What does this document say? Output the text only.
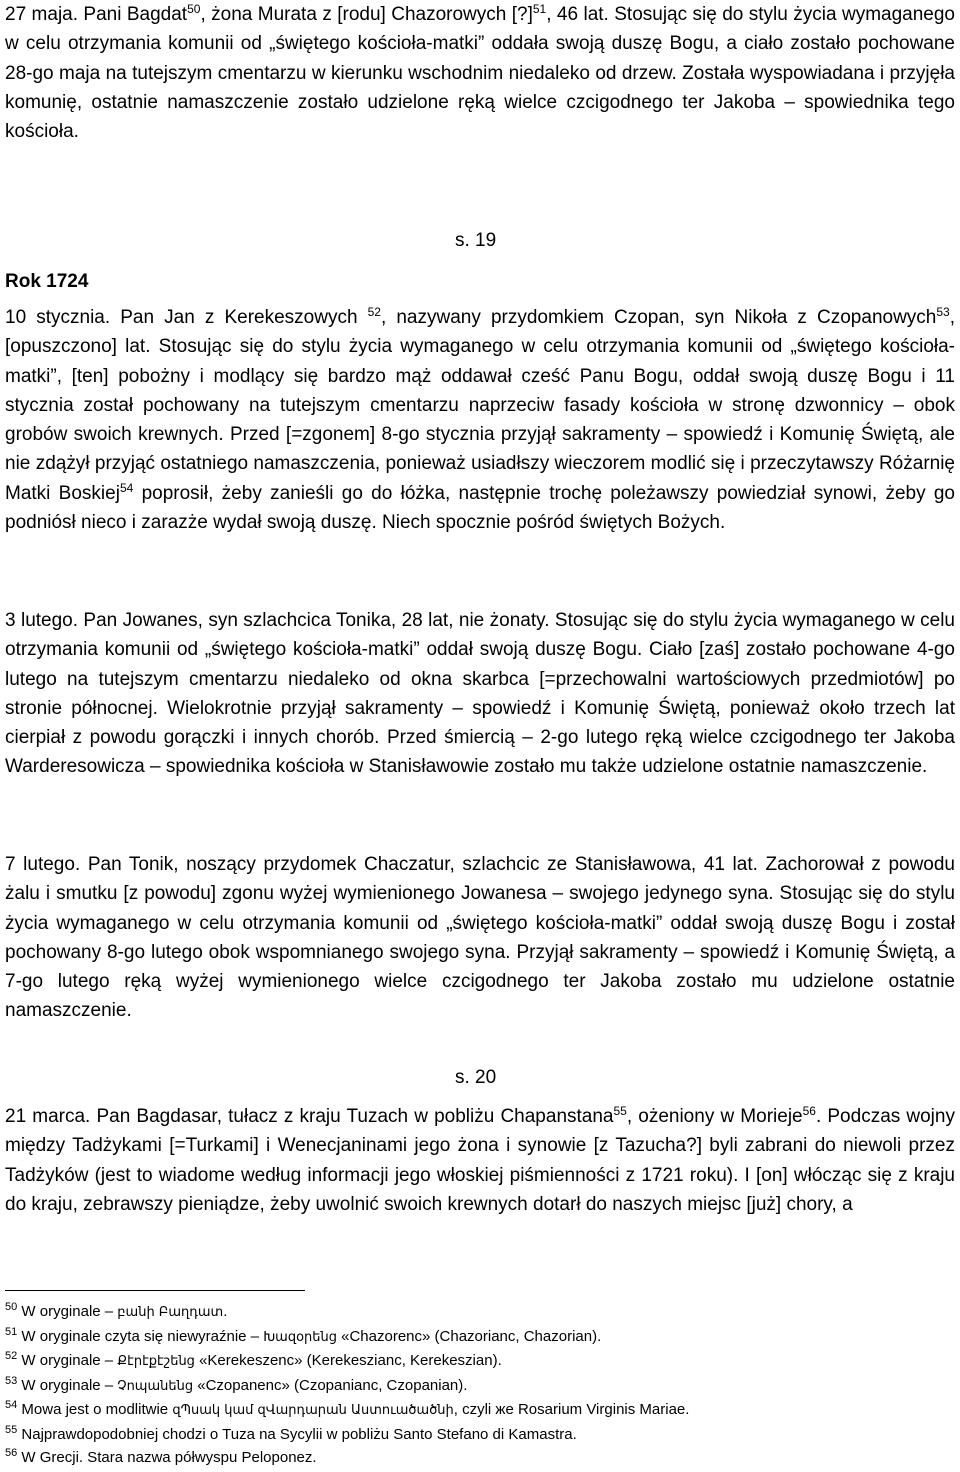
27 maja. Pani Bagdat$^{50}$, żona Murata z [rodu] Chazorowych [?]$^{51}$, 46 lat. Stosując się do stylu życia wymaganego w celu otrzymania komunii od „świętego kościoła-matki” oddała swoją duszę Bogu, a ciało zostało pochowane 28-go maja na tutejszym cmentarzu w kierunku wschodnim niedaleko od drzew. Została wyspowiadana i przyjęła komunię, ostatnie namaszczenie zostało udzielone ręką wielce czcigodnego ter Jakoba – spowiednika tego kościoła.

s. 19
Rok 1724

10 stycznia. Pan Jan z Kerekeszowych $^{52}$, nazywany przydomkiem Czopan, syn Nikoła z Czopanowych$^{53}$, [opuszczono] lat. Stosując się do stylu życia wymaganego w celu otrzymania komunii od „świętego kościoła-matki”, [ten] pobożny i modlący się bardzo mąż oddawał cześć Panu Bogu, oddał swoją duszę Bogu i 11 stycznia został pochowany na tutejszym cmentarzu naprzeciw fasady kościoła w stronę dzwonnicy – obok grobów swoich krewnych. Przed [=zgonem] 8-go stycznia przyjął sakramenty – spowiedź i Komunię Świętą, ale nie zdążył przyjąć ostatniego namaszczenia, ponieważ usiadłszy wieczorem modlić się i przeczytawszy Różarnię Matki Boskiej$^{54}$ poprosił, żeby zanieśli go do łóżka, następnie trochę poleżawszy powiedział synowi, żeby go podniósł nieco i zarazże wydał swoją duszę. Niech spocznie pośród świętych Bożych.

3 lutego. Pan Jowanes, syn szlachcica Tonika, 28 lat, nie żonaty. Stosując się do stylu życia wymaganego w celu otrzymania komunii od „świętego kościoła-matki” oddał swoją duszę Bogu. Ciało [zaś] zostało pochowane 4-go lutego na tutejszym cmentarzu niedaleko od okna skarbca [=przechowalni wartościowych przedmiotów] po stronie północnej. Wielokrotnie przyjął sakramenty – spowiedź i Komunię Świętą, ponieważ około trzech lat cierpiał z powodu gorączki i innych chorób. Przed śmiercią – 2-go lutego ręką wielce czcigodnego ter Jakoba Warderesowicza – spowiednika kościoła w Stanisławowie zostało mu także udzielone ostatnie namaszczenie.

7 lutego. Pan Tonik, noszący przydomek Chaczatur, szlachcic ze Stanisławowa, 41 lat. Zachorował z powodu żalu i smutku [z powodu] zgonu wyżej wymienionego Jowanesa – swojego jedynego syna. Stosując się do stylu życia wymaganego w celu otrzymania komunii od „świętego kościoła-matki” oddał swoją duszę Bogu i został pochowany 8-go lutego obok wspomnianego swojego syna. Przyjął sakramenty – spowiedź i Komunię Świętą, a 7-go lutego ręką wyżej wymienionego wielce czcigodnego ter Jakoba zostało mu udzielone ostatnie namaszczenie.

s. 20

21 marca. Pan Bagdasar, tułacz z kraju Tuzach w pobliżu Chapanstana$^{55}$, ożeniony w Morieje$^{56}$. Podczas wojny między Tadżykami [=Turkami] i Wenecjaninami jego żona i synowie [z Tazucha?] byli zabrani do niewoli przez Tadżyków (jest to wiadome według informacji jego włoskiej piśmienności z 1721 roku). I [on] włócząc się z kraju do kraju, zebrawszy pieniądze, żeby uwolnić swoich krewnych dotarł do naszych miejsc [już] chory, a

$^{50}$ W oryginale – բանի Բաղդատ.
$^{51}$ W oryginale czyta się niewyraźnie – Խազօրենց «Chazorenc» (Chazorianc, Chazorian).
$^{52}$ W oryginale – Քէրէքէշենց «Kerekeszenc» (Kerekeszianc, Kerekeszian).
$^{53}$ W oryginale – Չոպանենց «Czopanenc» (Czopanianc, Czopanian).
$^{54}$ Mowa jest o modlitwie զՊսակ կամ զՎարդարան Աստուածածնի, czyli же Rosarium Virginis Mariae.
$^{55}$ Najprawdopodobniej chodzi o Tuza na Sycylii w pobliżu Santo Stefano di Kamastra.
$^{56}$ W Grecji. Stara nazwa półwyspu Peloponez.
